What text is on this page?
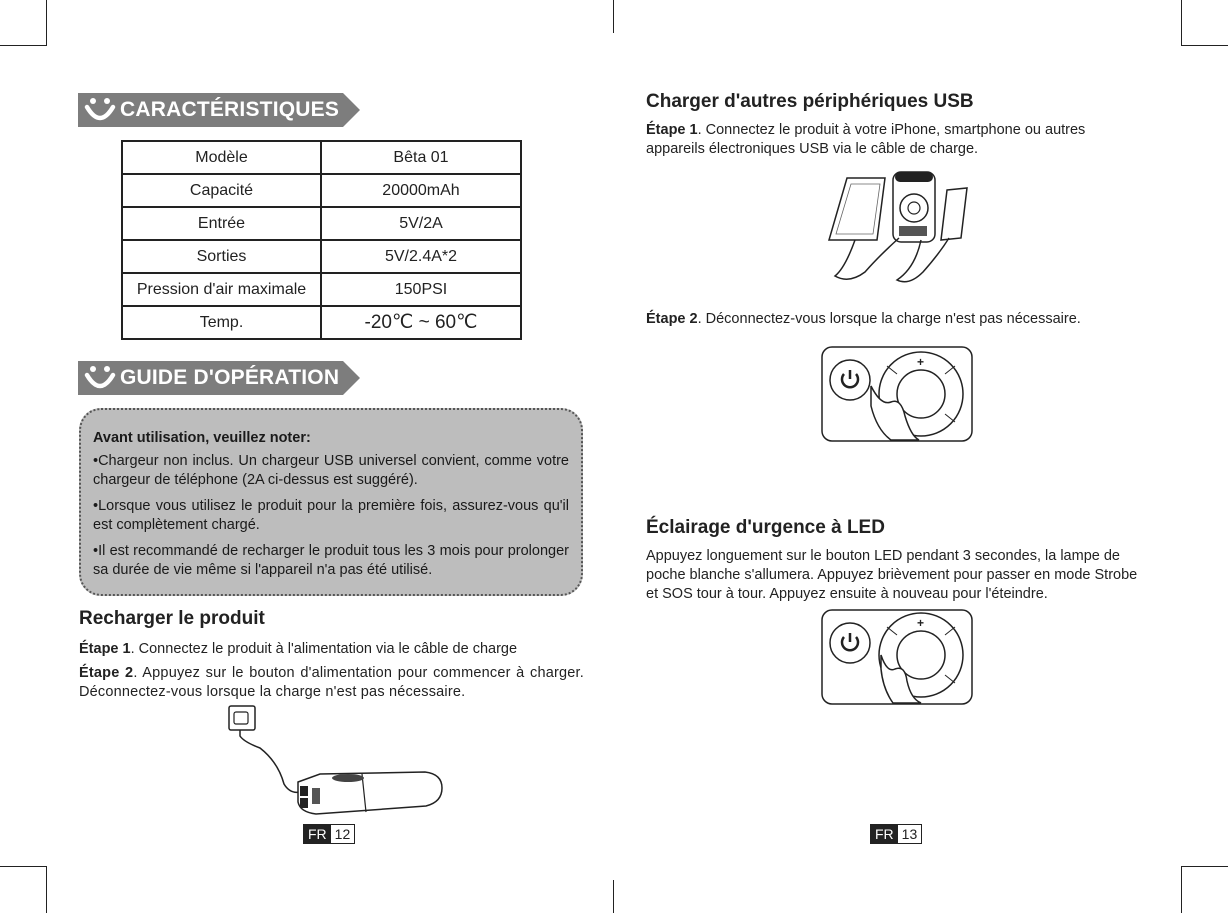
CARACTÉRISTIQUES
Modèle	Bêta 01
Capacité	20000mAh
Entrée	5V/2A
Sorties	5V/2.4A*2
Pression d'air maximale	150PSI
Temp.	-20℃ ~ 60℃
GUIDE D'OPÉRATION

Avant utilisation, veuillez noter:

•Chargeur non inclus. Un chargeur USB universel convient, comme votre chargeur de téléphone (2A ci-dessus est suggéré).

•Lorsque vous utilisez le produit pour la première fois, assurez-vous qu'il est complètement chargé.

•Il est recommandé de recharger le produit tous les 3 mois pour prolonger sa durée de vie même si l'appareil n'a pas été utilisé.

Recharger le produit
Étape 1. Connectez le produit à l'alimentation via le câble de charge
Étape 2. Appuyez sur le bouton d'alimentation pour commencer à charger. Déconnectez-vous lorsque la charge n'est pas nécessaire.
FR 12
Charger d'autres périphériques USB
Étape 1. Connectez le produit à votre iPhone, smartphone ou autres appareils électroniques USB via le câble de charge.
Étape 2. Déconnectez-vous lorsque la charge n'est pas nécessaire.
+
Éclairage d'urgence à LED
Appuyez longuement sur le bouton LED pendant 3 secondes, la lampe de poche blanche s'allumera. Appuyez brièvement pour passer en mode Strobe et SOS tour à tour. Appuyez ensuite à nouveau pour l'éteindre.
+
FR 13
